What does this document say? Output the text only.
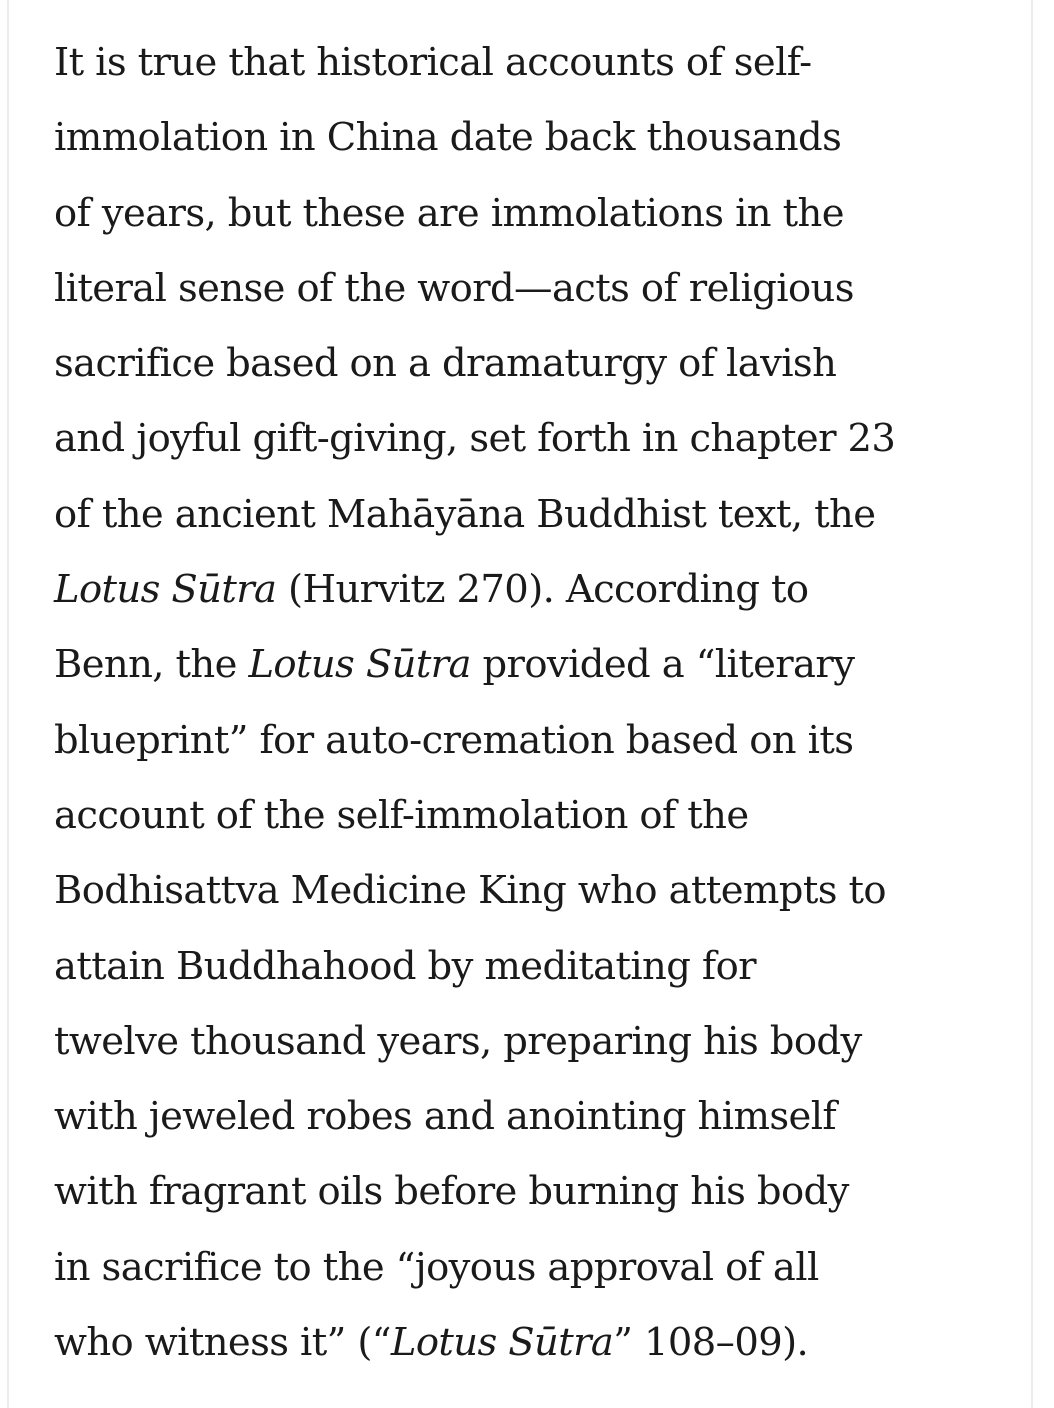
It is true that historical accounts of self-
immolation in China date back thousands
of years, but these are immolations in the
literal sense of the word—acts of religious
sacrifice based on a dramaturgy of lavish
and joyful gift-giving, set forth in chapter 23
of the ancient Mahāyāna Buddhist text, the
Lotus Sūtra (Hurvitz 270). According to
Benn, the Lotus Sūtra provided a “literary
blueprint” for auto-cremation based on its
account of the self-immolation of the
Bodhisattva Medicine King who attempts to
attain Buddhahood by meditating for
twelve thousand years, preparing his body
with jeweled robes and anointing himself
with fragrant oils before burning his body
in sacrifice to the “joyous approval of all
who witness it” (“Lotus Sūtra” 108–09).
